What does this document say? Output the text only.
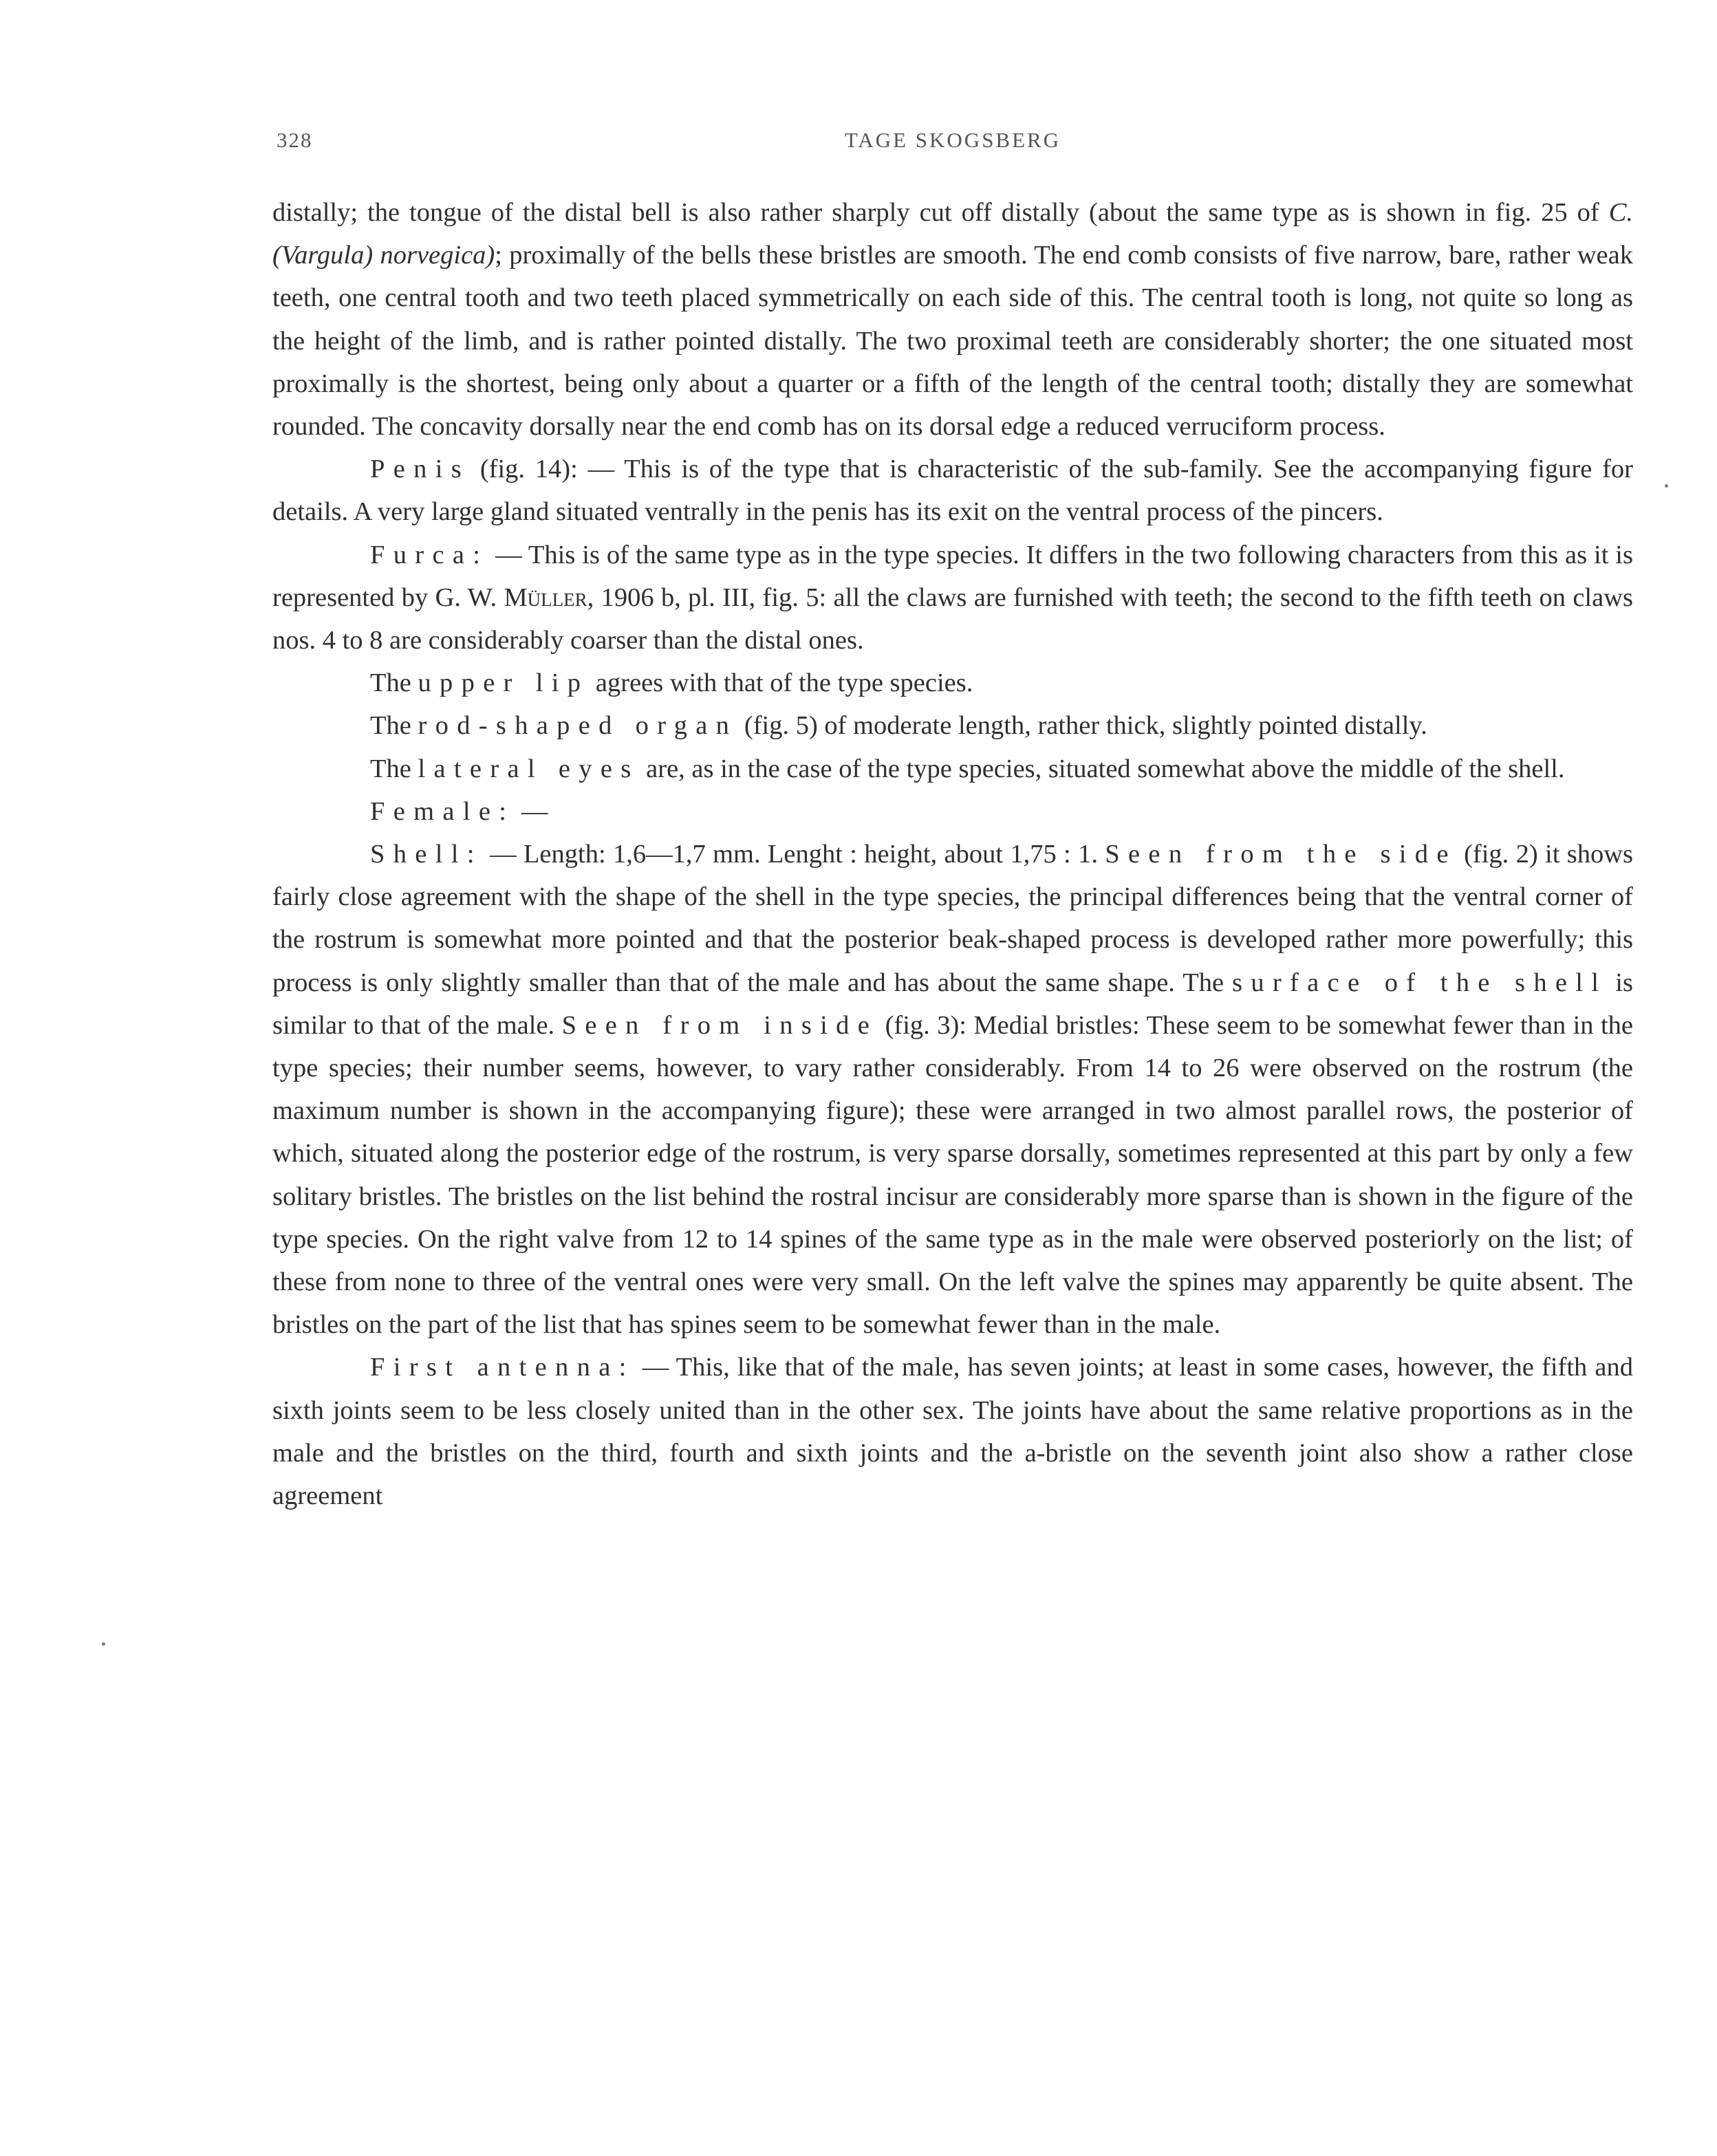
328	TAGE SKOGSBERG

distally; the tongue of the distal bell is also rather sharply cut off distally (about the same type as is shown in fig. 25 of C. (Vargula) norvegica); proximally of the bells these bristles are smooth. The end comb consists of five narrow, bare, rather weak teeth, one central tooth and two teeth placed symmetrically on each side of this. The central tooth is long, not quite so long as the height of the limb, and is rather pointed distally. The two proximal teeth are considerably shorter; the one situated most proximally is the shortest, being only about a quarter or a fifth of the length of the central tooth; distally they are somewhat rounded. The concavity dorsally near the end comb has on its dorsal edge a reduced verruciform process.

Penis (fig. 14): — This is of the type that is characteristic of the sub-family. See the accompanying figure for details. A very large gland situated ventrally in the penis has its exit on the ventral process of the pincers.

Furca: — This is of the same type as in the type species. It differs in the two following characters from this as it is represented by G. W. Müller, 1906 b, pl. III, fig. 5: all the claws are furnished with teeth; the second to the fifth teeth on claws nos. 4 to 8 are considerably coarser than the distal ones.

The upper lip agrees with that of the type species.

The rod-shaped organ (fig. 5) of moderate length, rather thick, slightly pointed distally.

The lateral eyes are, as in the case of the type species, situated somewhat above the middle of the shell.

Female: —

Shell: — Length: 1,6—1,7 mm. Lenght : height, about 1,75 : 1. Seen from the side (fig. 2) it shows fairly close agreement with the shape of the shell in the type species, the principal differences being that the ventral corner of the rostrum is somewhat more pointed and that the posterior beak-shaped process is developed rather more powerfully; this process is only slightly smaller than that of the male and has about the same shape. The surface of the shell is similar to that of the male. Seen from inside (fig. 3): Medial bristles: These seem to be somewhat fewer than in the type species; their number seems, however, to vary rather considerably. From 14 to 26 were observed on the rostrum (the maximum number is shown in the accompanying figure); these were arranged in two almost parallel rows, the posterior of which, situated along the posterior edge of the rostrum, is very sparse dorsally, sometimes represented at this part by only a few solitary bristles. The bristles on the list behind the rostral incisur are considerably more sparse than is shown in the figure of the type species. On the right valve from 12 to 14 spines of the same type as in the male were observed posteriorly on the list; of these from none to three of the ventral ones were very small. On the left valve the spines may apparently be quite absent. The bristles on the part of the list that has spines seem to be somewhat fewer than in the male.

First antenna: — This, like that of the male, has seven joints; at least in some cases, however, the fifth and sixth joints seem to be less closely united than in the other sex. The joints have about the same relative proportions as in the male and the bristles on the third, fourth and sixth joints and the a-bristle on the seventh joint also show a rather close agreement
